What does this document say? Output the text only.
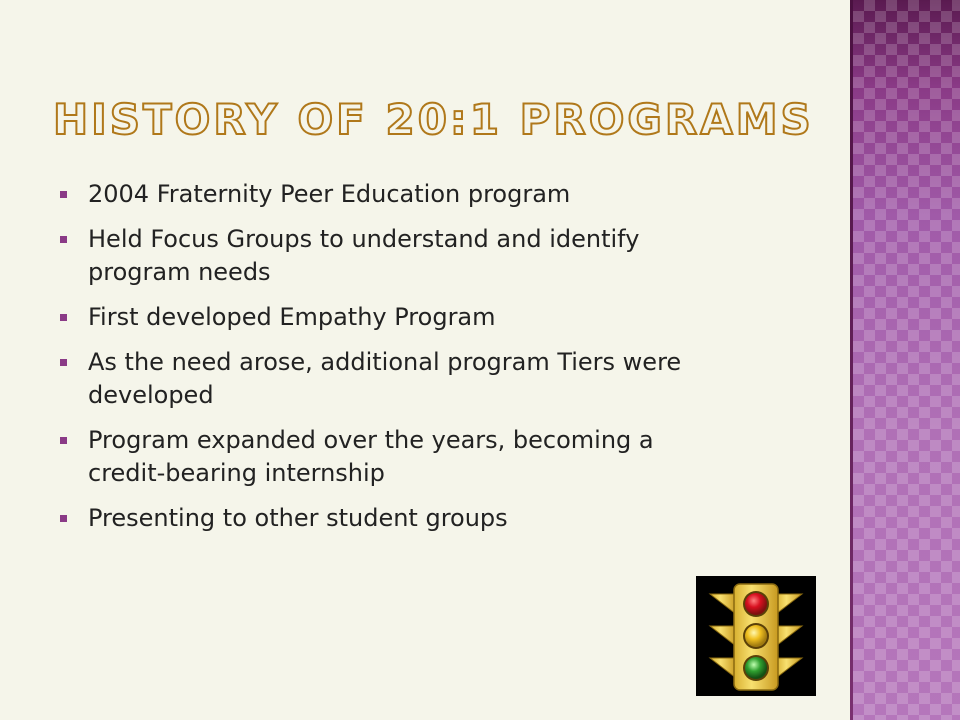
HISTORY OF 20:1 PROGRAMS
2004 Fraternity Peer Education program
Held Focus Groups to understand and identify program needs
First developed Empathy Program
As the need arose, additional program Tiers were developed
Program expanded over the years, becoming a credit-bearing internship
Presenting to other student groups
